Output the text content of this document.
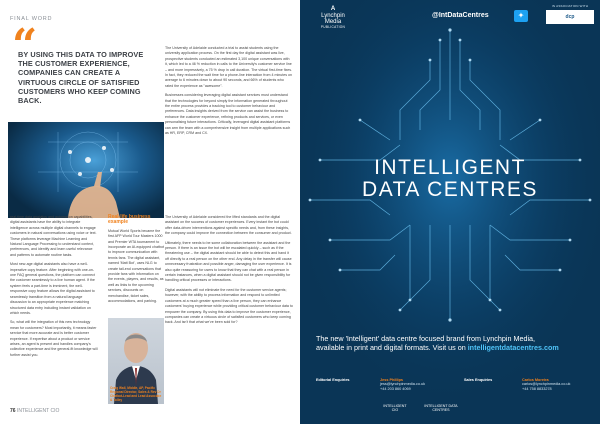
FINAL WORD
“
BY USING THIS DATA TO IMPROVE THE CUSTOMER EXPERIENCE, COMPANIES CAN CREATE A VIRTUOUS CIRCLE OF SATISFIED CUSTOMERS WHO KEEP COMING BACK.

The University of Adelaide conducted a trial to assist students using the university application process. On the first day the digital assistant was live, prospective students conducted an estimated 3,100 unique conversations with it, which led to a 46 % reduction in calls to the University's customer service line – and more impressively, a 75 % drop in call duration. The virtual first-time fixes. In fact, they reduced the wait time for a phone-line interaction from 4 minutes on average to 6 minutes down to about 90 seconds, and 66% of students who rated the experience as "awesome".

Businesses considering leveraging digital assistant services must understand that the technologies for beyond simply the information generated throughout the entire process provides a tracking tool to customer behaviour and preferences. Data insights derived from the service can assist the business to enhance the customer experience, refining products and services, or even personalising future interactions. Critically, leveraged digital assistant platforms can arm the team with a comprehensive insight from multiple applications such as HR, ERP, CRM and CX.

real-time data analytics and automation capabilities, digital assistants have the ability to integrate intelligence across multiple digital channels to engage customers in natural conversations using voice or text. These platforms leverage Machine Learning and Natural Language Processing to understand context, preferences, and identify and learn useful relevance and patterns to automate routine tasks.

Most new-age digital assistants also have a well-imperative copy feature. After beginning with one-on-one FAQ general questions, the platform can connect the customer seamlessly to a live human agent. If the system feels a part-time is imminent, the well-responsive copy feature allows the digital assistant to seamlessly transition from a natural language discussion to an appropriate experience matching structured data entry including instant validation on which needs.

So, what will the integration of this new technology mean for customers? Most importantly, it means faster service that more accurate and is better customer experience. If expertise about a product or service arises, an agent is present and handles company's collective experience and the general-fit knowledge will further assist you.

Real-life business example

Mutual World Sports became the first AFP World Tour Masters 1000 and Premier WTA tournament to incorporate an AI-equipped chatbot to improve communication with tennis fans. The digital assistant, named 'Matt Bot', uses NLG to create tail-end conversations that provide fans with information on the events, players, and results, as well as links to the upcoming services, discounts on merchandise, ticket sales, accommodations, and parking.

Craig Wall, Middle, AP, Pacific Regional Director, Sales & Rev Dr Chatbot-Lead and Lead Associate & Tolley

The University of Adelaide considered the lifted standards and the digital assistant on the success of customer experiences. Every instant the bot could offer data-driven interventions against specific needs and, from these insights, the company could improve the connection between the consumer and product.

Ultimately, there needs to be some collaboration between the assistant and the person. If there is an issue the bot will be escalated quickly – such as if the threatening use – the digital assistant should be able to detect this and hand it off directly to a real person on the other end. Any delay in the transfer will cause unnecessary frustration and possible anger, damaging the user experience. It is also quite reassuring for users to know that they can chat with a real person in certain instances, when a digital assistant should not be given responsibility for handling critical processes or interactions.

Digital assistants will not eliminate the need for the customer service agents; however, with the ability to process information and respond to unlimited customers at a much greater speed than a live person, they can enhance customers' buying experience while providing critical customer behaviour data to empower the company. By using this data to improve the customer experience, companies can create a virtuous circle of satisfied customers who keep coming back. And isn't that what we've been sold for?

76 INTELLIGENT CIO
A
Lynchpin Media
PUBLICATION
@IntDataCentres	✦
IN ASSOCIATION WITH
dcp
INTELLIGENT
DATA CENTRES
The new 'Intelligent' data centre focused brand from Lynchpin Media,
available in print and digital formats. Visit us on intelligentdatacentres.com
Editorial Enquiries	Jess Phillips
jess@lynchpinmedia.co.uk
+44 203 860 4069
Sales Enquiries	Carlos Moreira
carlos@lynchpinmedia.co.uk
+44 758 8833278
INTELLIGENT CIO
INTELLIGENT DATA CENTRES
